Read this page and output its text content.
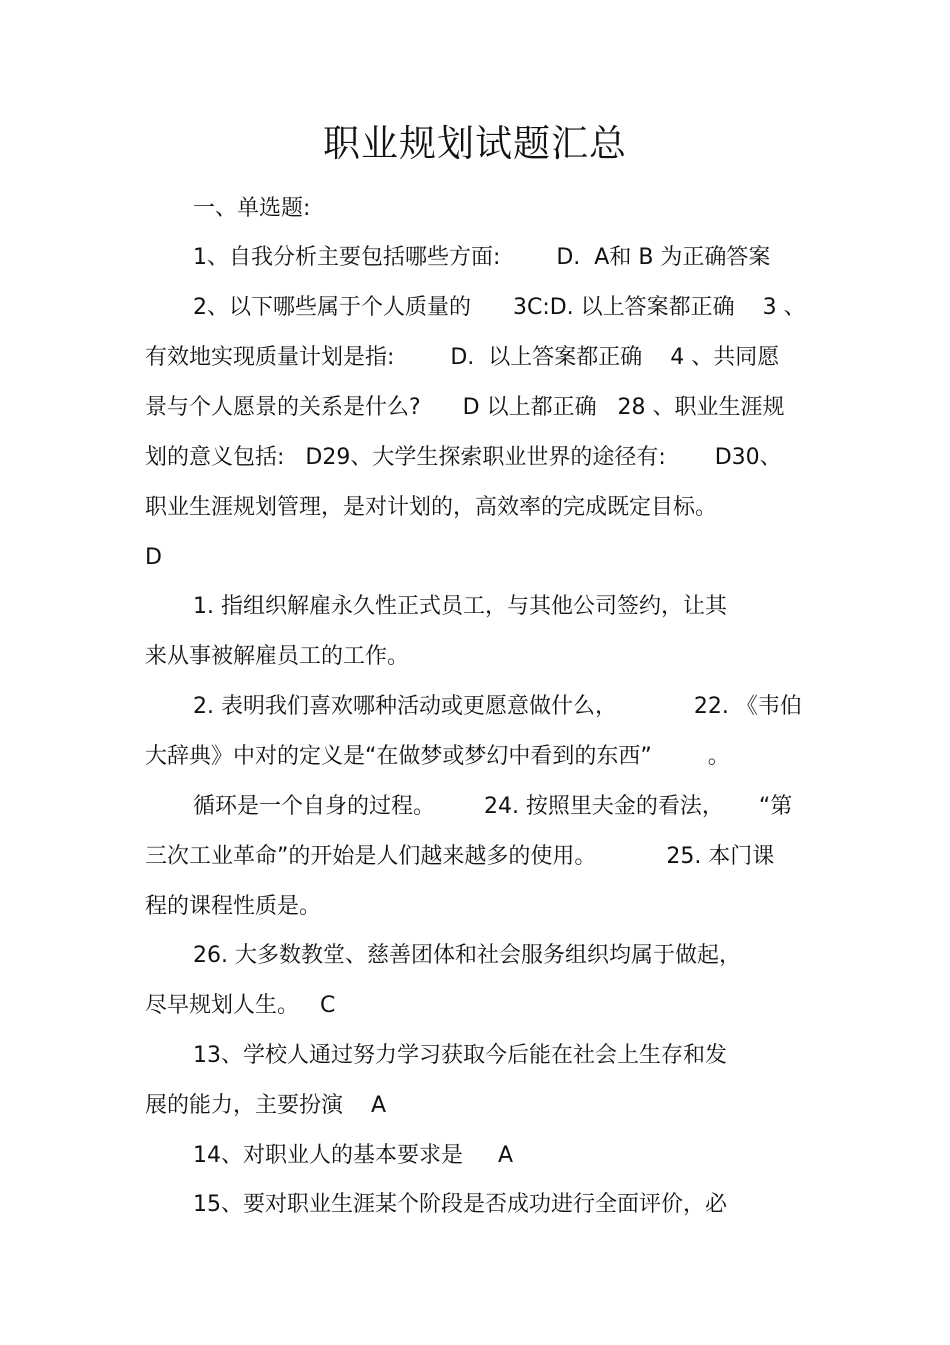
职业规划试题汇总

一、单选题:

1、自我分析主要包括哪些方面:        D.  A和 B 为正确答案

2、以下哪些属于个人质量的      3C:D. 以上答案都正确    3 、

有效地实现质量计划是指:        D.  以上答案都正确    4 、共同愿

景与个人愿景的关系是什么?      D 以上都正确   28 、职业生涯规

划的意义包括:   D29、大学生探索职业世界的途径有:       D30、

职业生涯规划管理，是对计划的，高效率的完成既定目标。

D

1. 指组织解雇永久性正式员工，与其他公司签约，让其

来从事被解雇员工的工作。

2. 表明我们喜欢哪种活动或更愿意做什么，           22. 《韦伯

大辞典》中对的定义是“在做梦或梦幻中看到的东西”        。

循环是一个自身的过程。       24. 按照里夫金的看法，     “第

三次工业革命”的开始是人们越来越多的使用。          25. 本门课

程的课程性质是。

26. 大多数教堂、慈善团体和社会服务组织均属于做起，

尽早规划人生。   C

13、学校人通过努力学习获取今后能在社会上生存和发

展的能力，主要扮演    A

14、对职业人的基本要求是     A

15、要对职业生涯某个阶段是否成功进行全面评价，必
